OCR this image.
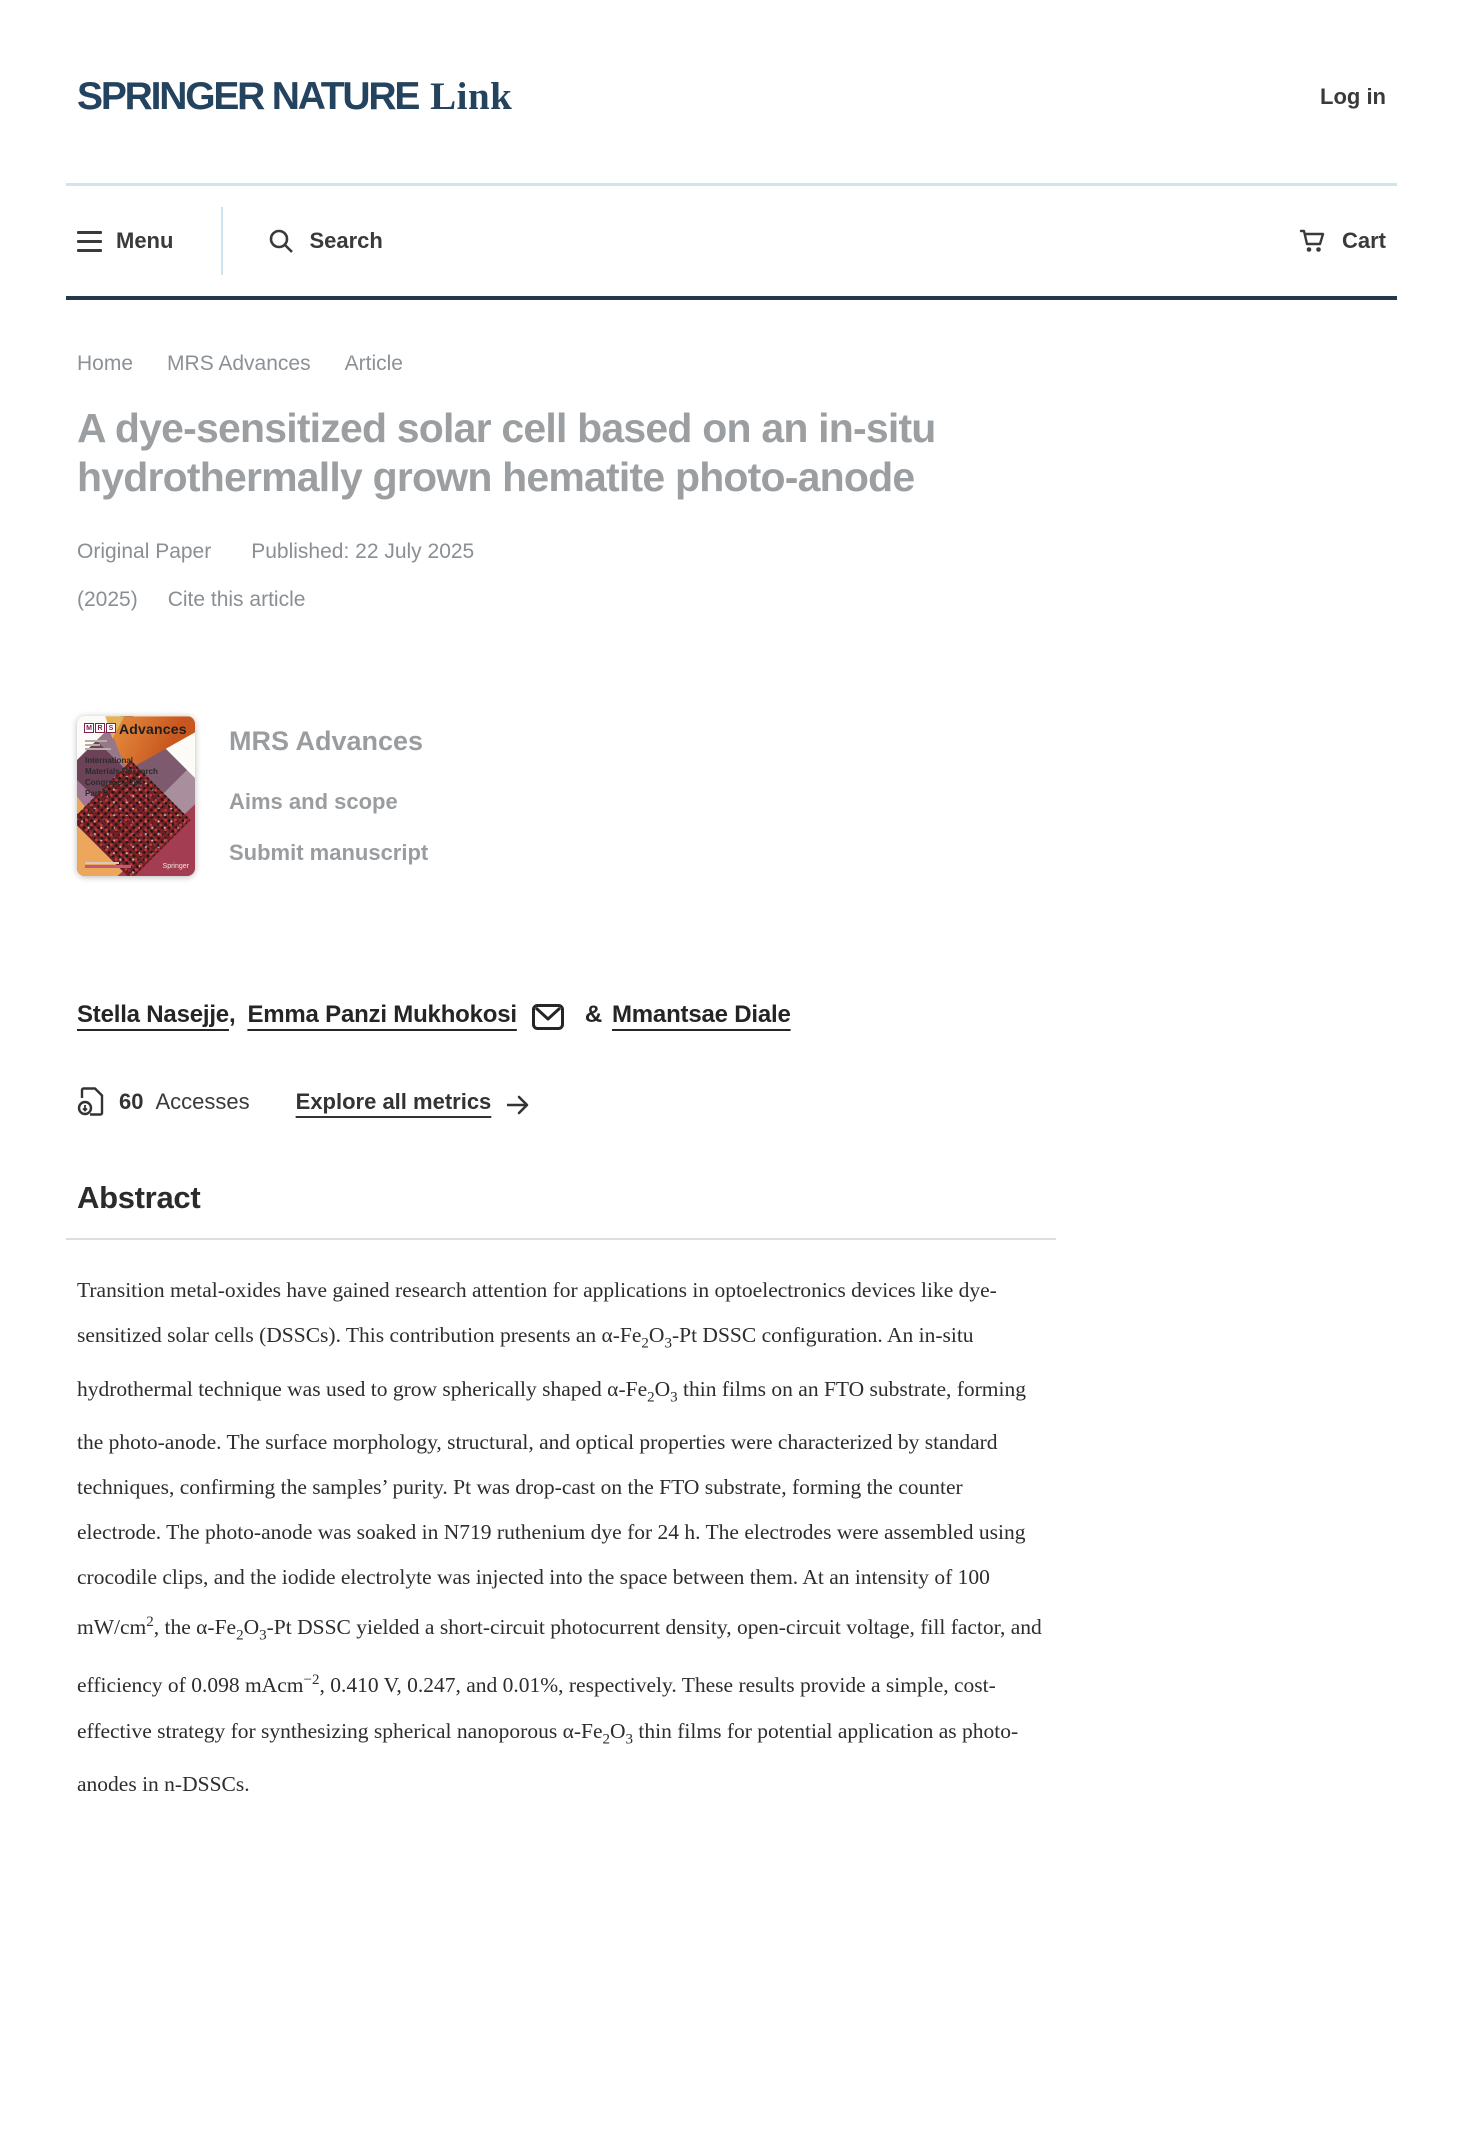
SPRINGER NATURE Link	Log in
Menu	Search	Cart
Home MRS Advances Article
A dye-sensitized solar cell based on an in-situ
hydrothermally grown hematite photo-anode
Original Paper Published: 22 July 2025
(2025) Cite this article
M R S Advances
International Materials Research Congress 2024, Part B
Springer
MRS Advances
Aims and scope
Submit manuscript
Stella Nasejje , Emma Panzi Mukhokosi	& Mmantsae Diale
60 Accesses Explore all metrics
Abstract

Transition metal-oxides have gained research attention for applications in optoelectronics devices like dye-sensitized solar cells (DSSCs). This contribution presents an $\alpha-Fe_2O_3-Pt$ DSSC configuration. An in-situ hydrothermal technique was used to grow spherically shaped $\alpha-Fe_2O_3$ thin films on an FTO substrate, forming the photo-anode. The surface morphology, structural, and optical properties were characterized by standard techniques, confirming the samples’ purity. Pt was drop-cast on the FTO substrate, forming the counter electrode. The photo-anode was soaked in N719 ruthenium dye for 24 h. The electrodes were assembled using crocodile clips, and the iodide electrolyte was injected into the space between them. At an intensity of 100 $mW/cm^2$, the $\alpha-Fe_2O_3-Pt$ DSSC yielded a short-circuit photocurrent density, open-circuit voltage, fill factor, and efficiency of 0.098 mAcm$^{-2}$, 0.410 V, 0.247, and 0.01%, respectively. These results provide a simple, cost-effective strategy for synthesizing spherical nanoporous $\alpha-Fe_2O_3$ thin films for potential application as photo-anodes in n-DSSCs.
